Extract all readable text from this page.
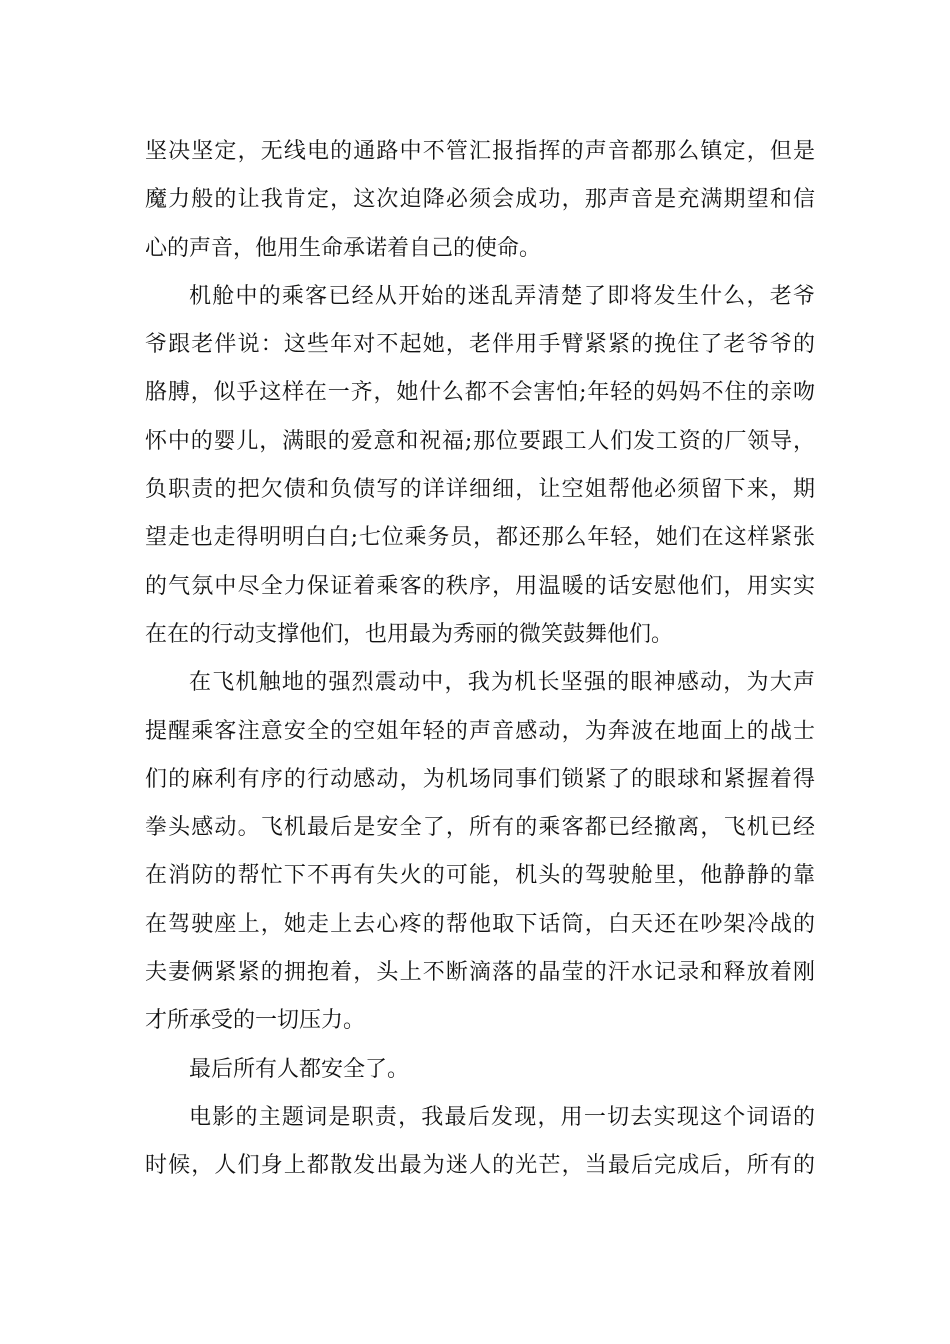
坚决坚定，无线电的通路中不管汇报指挥的声音都那么镇定，但是
魔力般的让我肯定，这次迫降必须会成功，那声音是充满期望和信
心的声音，他用生命承诺着自己的使命。
机舱中的乘客已经从开始的迷乱弄清楚了即将发生什么，老爷
爷跟老伴说：这些年对不起她，老伴用手臂紧紧的挽住了老爷爷的
胳膊，似乎这样在一齐，她什么都不会害怕;年轻的妈妈不住的亲吻
怀中的婴儿，满眼的爱意和祝福;那位要跟工人们发工资的厂领导，
负职责的把欠债和负债写的详详细细，让空姐帮他必须留下来，期
望走也走得明明白白;七位乘务员，都还那么年轻，她们在这样紧张
的气氛中尽全力保证着乘客的秩序，用温暖的话安慰他们，用实实
在在的行动支撑他们，也用最为秀丽的微笑鼓舞他们。
在飞机触地的强烈震动中，我为机长坚强的眼神感动，为大声
提醒乘客注意安全的空姐年轻的声音感动，为奔波在地面上的战士
们的麻利有序的行动感动，为机场同事们锁紧了的眼球和紧握着得
拳头感动。飞机最后是安全了，所有的乘客都已经撤离，飞机已经
在消防的帮忙下不再有失火的可能，机头的驾驶舱里，他静静的靠
在驾驶座上，她走上去心疼的帮他取下话筒，白天还在吵架冷战的
夫妻俩紧紧的拥抱着，头上不断滴落的晶莹的汗水记录和释放着刚
才所承受的一切压力。
最后所有人都安全了。
电影的主题词是职责，我最后发现，用一切去实现这个词语的
时候，人们身上都散发出最为迷人的光芒，当最后完成后，所有的
